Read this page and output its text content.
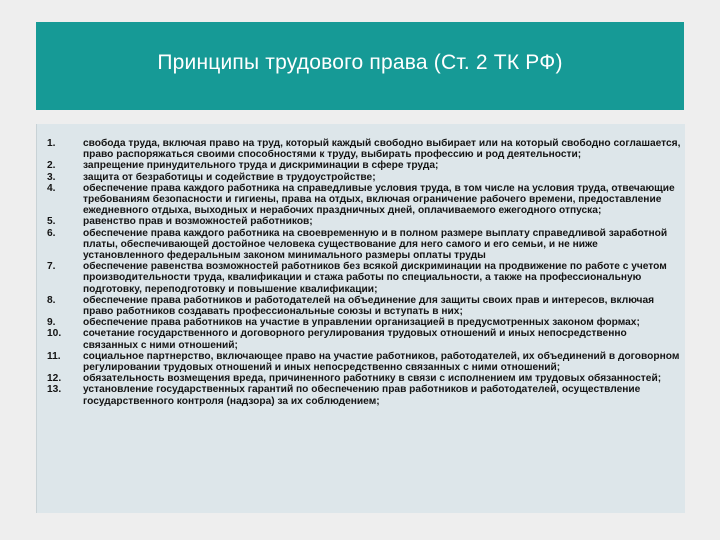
Принципы трудового права (Ст. 2 ТК РФ)
1.	свобода труда, включая право на труд, который каждый свободно выбирает или на который свободно соглашается, право распоряжаться своими способностями к труду, выбирать профессию и род деятельности;
2.	запрещение принудительного труда и дискриминации в сфере труда;
3.	защита от безработицы и содействие в трудоустройстве;
4.	обеспечение права каждого работника на справедливые условия труда, в том числе на условия труда, отвечающие требованиям безопасности и гигиены, права на отдых, включая ограничение рабочего времени, предоставление ежедневного отдыха, выходных и нерабочих праздничных дней, оплачиваемого ежегодного отпуска;
5.	равенство прав и возможностей работников;
6.	обеспечение права каждого работника на своевременную и в полном размере выплату справедливой заработной платы, обеспечивающей достойное человека существование для него самого и его семьи, и не ниже установленного федеральным законом минимального размеры оплаты труды
7.	обеспечение равенства возможностей работников без всякой дискриминации на продвижение по работе с учетом производительности труда, квалификации и стажа работы по специальности, а также на профессиональную подготовку, переподготовку и повышение квалификации;
8.	обеспечение права работников и работодателей на объединение для защиты своих прав и интересов, включая право работников создавать профессиональные союзы и вступать в них;
9.	обеспечение права работников на участие в управлении организацией в предусмотренных законом формах;
10.	сочетание государственного и договорного регулирования трудовых отношений и иных непосредственно связанных с ними отношений;
11.	социальное партнерство, включающее право на участие работников, работодателей, их объединений в договорном регулировании трудовых отношений и иных непосредственно связанных с ними отношений;
12.	обязательность возмещения вреда, причиненного работнику в связи с исполнением им трудовых обязанностей;
13.	установление государственных гарантий по обеспечению прав работников и работодателей, осуществление государственного контроля (надзора) за их соблюдением;
